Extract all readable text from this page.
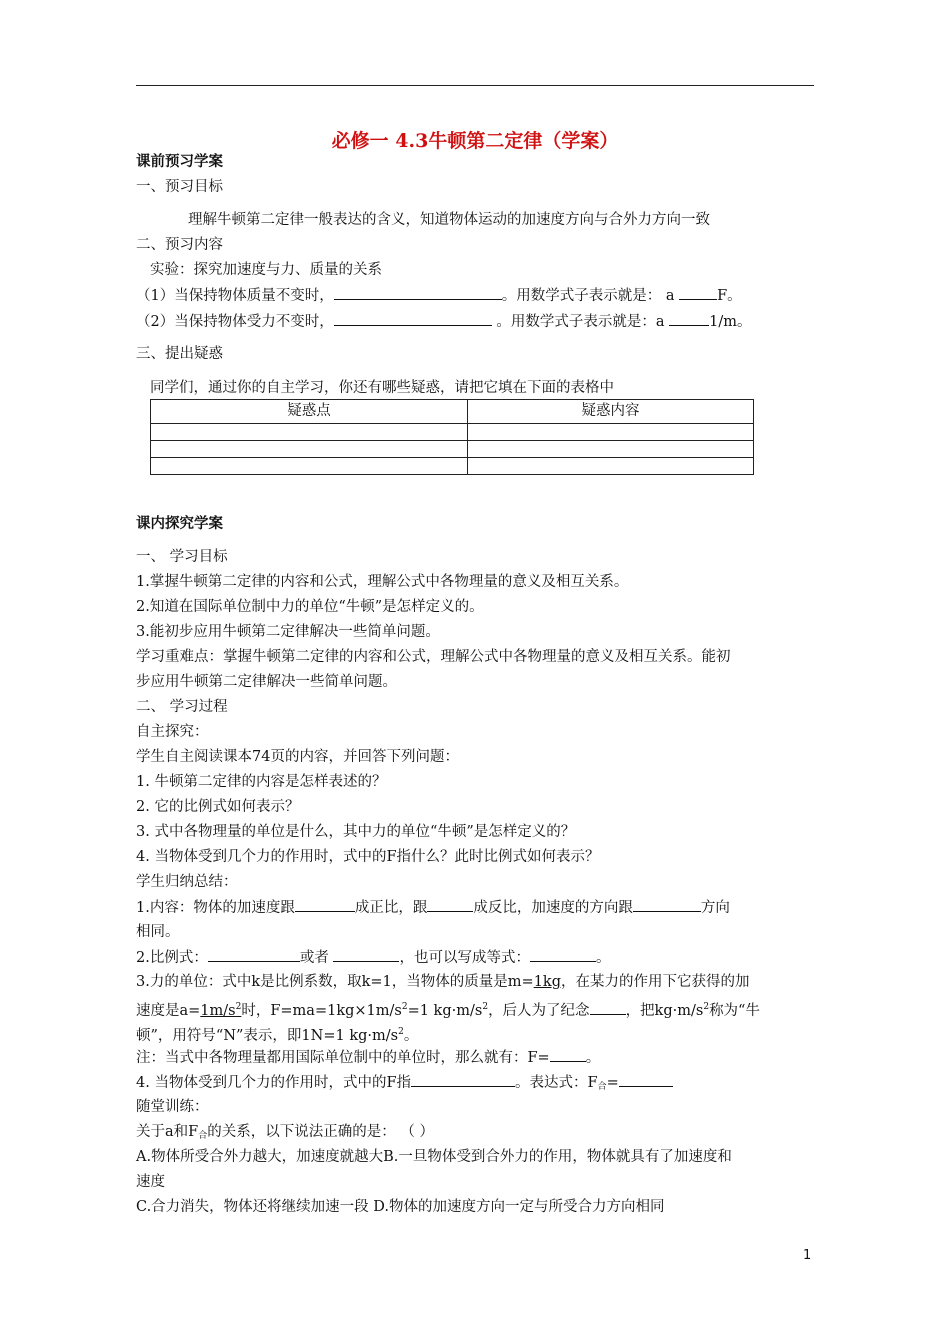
必修一 4.3牛顿第二定律（学案）
课前预习学案
一、预习目标
理解牛顿第二定律一般表达的含义，知道物体运动的加速度方向与合外力方向一致
二、预习内容
实验：探究加速度与力、质量的关系
（1）当保持物体质量不变时，	。用数学式子表示就是： a	F。
（2）当保持物体受力不变时，	。用数学式子表示就是：a	1/m。
三、提出疑惑
同学们，通过你的自主学习，你还有哪些疑惑，请把它填在下面的表格中
疑惑点	疑惑内容

课内探究学案
一、 学习目标
1.掌握牛顿第二定律的内容和公式，理解公式中各物理量的意义及相互关系。
2.知道在国际单位制中力的单位“牛顿”是怎样定义的。
3.能初步应用牛顿第二定律解决一些简单问题。
学习重难点：掌握牛顿第二定律的内容和公式，理解公式中各物理量的意义及相互关系。能初
步应用牛顿第二定律解决一些简单问题。
二、 学习过程
自主探究：
学生自主阅读课本74页的内容，并回答下列问题：
1. 牛顿第二定律的内容是怎样表述的？
2. 它的比例式如何表示？
3. 式中各物理量的单位是什么，其中力的单位“牛顿”是怎样定义的？
4. 当物体受到几个力的作用时，式中的F指什么？此时比例式如何表示？
学生归纳总结：
1.内容：物体的加速度跟	成正比，跟	成反比，加速度的方向跟	方向
相同。
2.比例式：	或者	，也可以写成等式：	。
3.力的单位：式中k是比例系数，取k=1，当物体的质量是m=1kg，在某力的作用下它获得的加
速度是$a=1m/s^2$时，$F=ma=1kg\times 1m/s^2=1$ $kg\cdot m/s^2$，后人为了纪念 ，把$kg\cdot m/s^2$称为“牛
顿”，用符号“N”表示，即1N=1 $kg\cdot m/s^2$。
注：当式中各物理量都用国际单位制中的单位时，那么就有：F= 。
4. 当物体受到几个力的作用时，式中的F指	。表达式：$F_合=$
随堂训练：
关于a和$F_合$的关系，以下说法正确的是： （ ）
A.物体所受合外力越大，加速度就越大B.一旦物体受到合外力的作用，物体就具有了加速度和
速度
C.合力消失，物体还将继续加速一段 D.物体的加速度方向一定与所受合力方向相同
1
